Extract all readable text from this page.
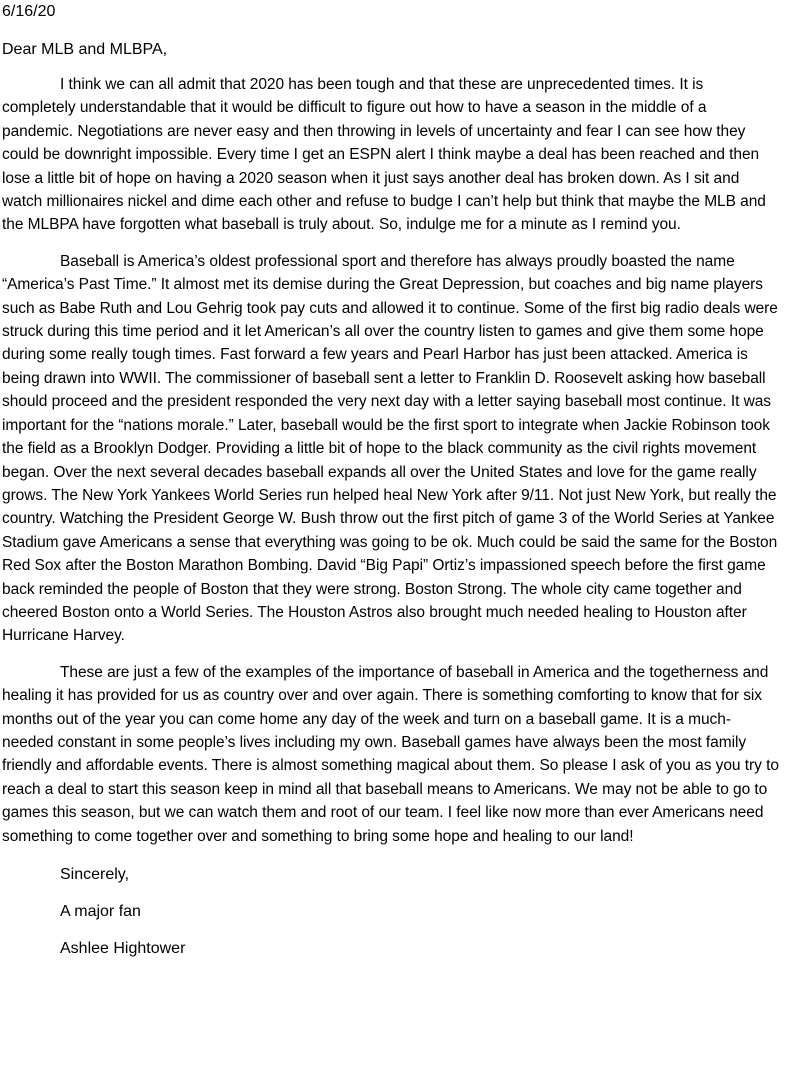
6/16/20

Dear MLB and MLBPA,

I think we can all admit that 2020 has been tough and that these are unprecedented times. It is completely understandable that it would be difficult to figure out how to have a season in the middle of a pandemic. Negotiations are never easy and then throwing in levels of uncertainty and fear I can see how they could be downright impossible. Every time I get an ESPN alert I think maybe a deal has been reached and then lose a little bit of hope on having a 2020 season when it just says another deal has broken down. As I sit and watch millionaires nickel and dime each other and refuse to budge I can’t help but think that maybe the MLB and the MLBPA have forgotten what baseball is truly about. So, indulge me for a minute as I remind you.

Baseball is America’s oldest professional sport and therefore has always proudly boasted the name “America’s Past Time.” It almost met its demise during the Great Depression, but coaches and big name players such as Babe Ruth and Lou Gehrig took pay cuts and allowed it to continue. Some of the first big radio deals were struck during this time period and it let American’s all over the country listen to games and give them some hope during some really tough times. Fast forward a few years and Pearl Harbor has just been attacked. America is being drawn into WWII. The commissioner of baseball sent a letter to Franklin D. Roosevelt asking how baseball should proceed and the president responded the very next day with a letter saying baseball most continue. It was important for the “nations morale.” Later, baseball would be the first sport to integrate when Jackie Robinson took the field as a Brooklyn Dodger. Providing a little bit of hope to the black community as the civil rights movement began. Over the next several decades baseball expands all over the United States and love for the game really grows. The New York Yankees World Series run helped heal New York after 9/11. Not just New York, but really the country. Watching the President George W. Bush throw out the first pitch of game 3 of the World Series at Yankee Stadium gave Americans a sense that everything was going to be ok. Much could be said the same for the Boston Red Sox after the Boston Marathon Bombing. David “Big Papi” Ortiz’s impassioned speech before the first game back reminded the people of Boston that they were strong. Boston Strong. The whole city came together and cheered Boston onto a World Series. The Houston Astros also brought much needed healing to Houston after Hurricane Harvey.

These are just a few of the examples of the importance of baseball in America and the togetherness and healing it has provided for us as country over and over again. There is something comforting to know that for six months out of the year you can come home any day of the week and turn on a baseball game. It is a much-needed constant in some people’s lives including my own. Baseball games have always been the most family friendly and affordable events. There is almost something magical about them. So please I ask of you as you try to reach a deal to start this season keep in mind all that baseball means to Americans. We may not be able to go to games this season, but we can watch them and root of our team. I feel like now more than ever Americans need something to come together over and something to bring some hope and healing to our land!

Sincerely,

A major fan

Ashlee Hightower
